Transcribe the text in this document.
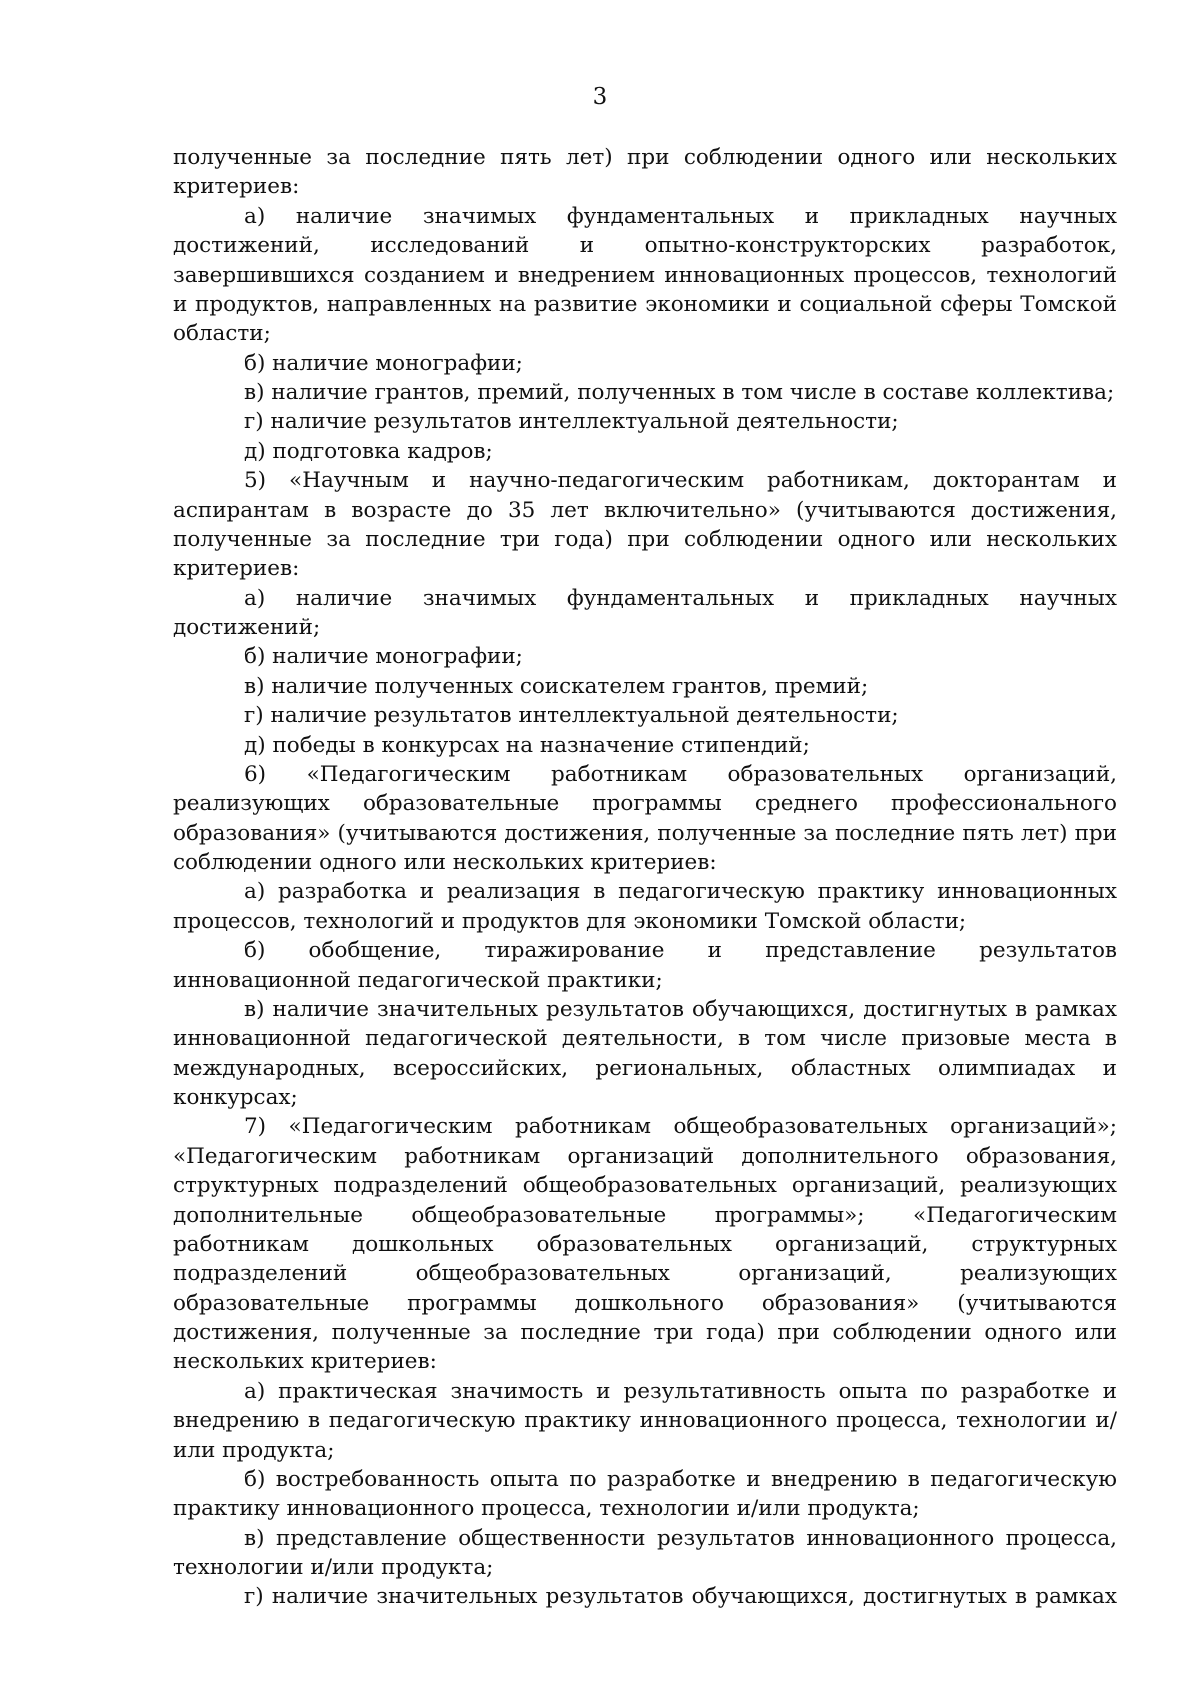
3

полученные за последние пять лет) при соблюдении одного или нескольких критериев:

а) наличие значимых фундаментальных и прикладных научных достижений, исследований и опытно-конструкторских разработок, завершившихся созданием и внедрением инновационных процессов, технологий и продуктов, направленных на развитие экономики и социальной сферы Томской области;

б) наличие монографии;

в) наличие грантов, премий, полученных в том числе в составе коллектива;

г) наличие результатов интеллектуальной деятельности;

д) подготовка кадров;

5) «Научным и научно-педагогическим работникам, докторантам и аспирантам в возрасте до 35 лет включительно» (учитываются достижения, полученные за последние три года) при соблюдении одного или нескольких критериев:

а) наличие значимых фундаментальных и прикладных научных достижений;

б) наличие монографии;

в) наличие полученных соискателем грантов, премий;

г) наличие результатов интеллектуальной деятельности;

д) победы в конкурсах на назначение стипендий;

6) «Педагогическим работникам образовательных организаций, реализующих образовательные программы среднего профессионального образования» (учитываются достижения, полученные за последние пять лет) при соблюдении одного или нескольких критериев:

а) разработка и реализация в педагогическую практику инновационных процессов, технологий и продуктов для экономики Томской области;

б) обобщение, тиражирование и представление результатов инновационной педагогической практики;

в) наличие значительных результатов обучающихся, достигнутых в рамках инновационной педагогической деятельности, в том числе призовые места в международных, всероссийских, региональных, областных олимпиадах и конкурсах;

7) «Педагогическим работникам общеобразовательных организаций»; «Педагогическим работникам организаций дополнительного образования, структурных подразделений общеобразовательных организаций, реализующих дополнительные общеобразовательные программы»; «Педагогическим работникам дошкольных образовательных организаций, структурных подразделений общеобразовательных организаций, реализующих образовательные программы дошкольного образования» (учитываются достижения, полученные за последние три года) при соблюдении одного или нескольких критериев:

а) практическая значимость и результативность опыта по разработке и внедрению в педагогическую практику инновационного процесса, технологии и/или продукта;

б) востребованность опыта по разработке и внедрению в педагогическую практику инновационного процесса, технологии и/или продукта;

в) представление общественности результатов инновационного процесса, технологии и/или продукта;

г) наличие значительных результатов обучающихся, достигнутых в рамках
